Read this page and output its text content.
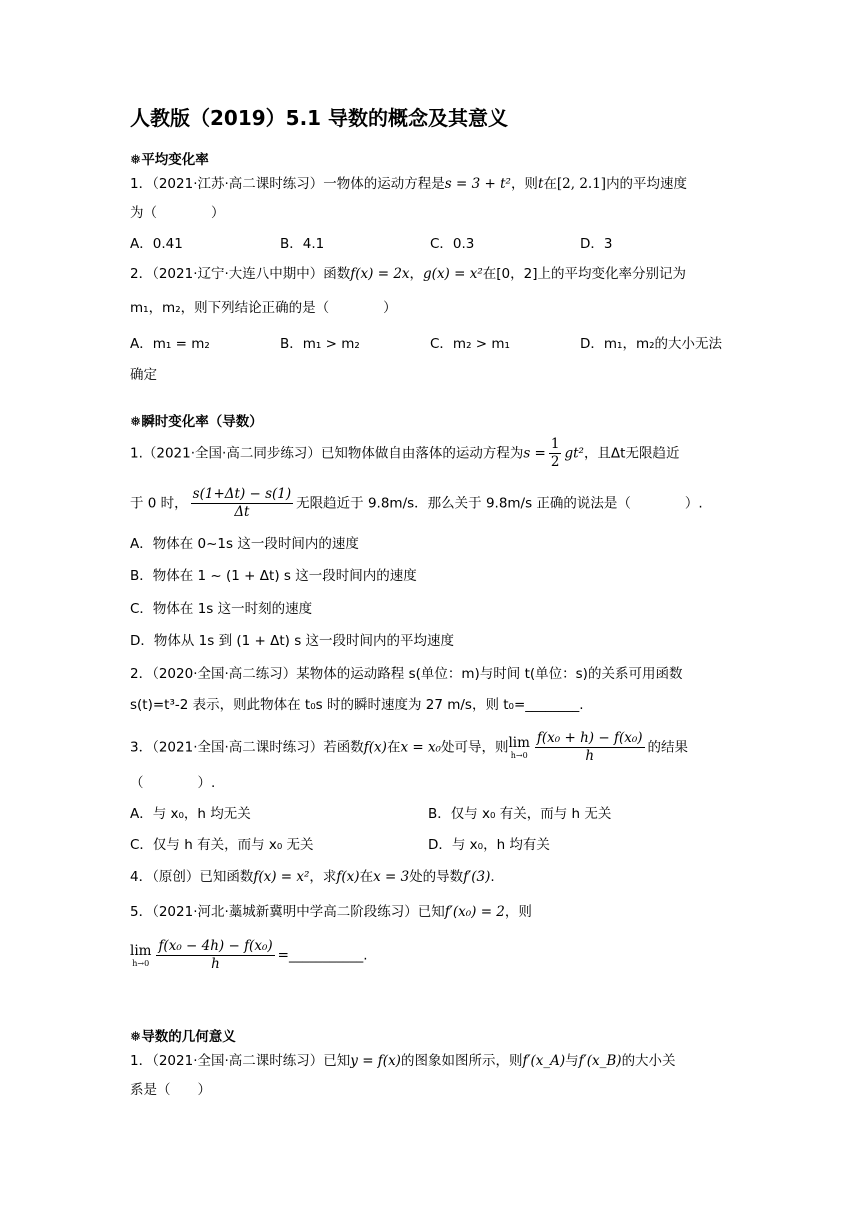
人教版（2019）5.1 导数的概念及其意义
❅平均变化率
1．（2021·江苏·高二课时练习）一物体的运动方程是s = 3 + t²，则t在[2, 2.1]内的平均速度
为（　　　　）
A．0.41	B．4.1	C．0.3	D．3
2．（2021·辽宁·大连八中期中）函数f(x) = 2x，g(x) = x²在[0，2]上的平均变化率分别记为
m₁，m₂，则下列结论正确的是（　　　　）
A．m₁ = m₂	B．m₁ > m₂	C．m₂ > m₁	D．m₁，m₂的大小无法
确定
❅瞬时变化率（导数）
1.（2021·全国·高二同步练习）已知物体做自由落体的运动方程为$s = \frac{1}{2} gt^2$，且Δt无限趋近
于 0 时， $\frac{s(1+\Delta t) - s(1)}{\Delta t}$ 无限趋近于 9.8m/s．那么关于 9.8m/s 正确的说法是（　　　　）.
A．物体在 0~1s 这一段时间内的速度
B．物体在 1 ~ (1 + Δt) s 这一段时间内的速度
C．物体在 1s 这一时刻的速度
D．物体从 1s 到 (1 + Δt) s 这一段时间内的平均速度
2．（2020·全国·高二练习）某物体的运动路程 s(单位：m)与时间 t(单位：s)的关系可用函数
s(t)=t³-2 表示，则此物体在 t₀s 时的瞬时速度为 27 m/s，则 t₀=________.
3．（2021·全国·高二课时练习）若函数f(x)在x = x₀处可导，则lim
$h\to 0 \frac{\text{f(x₀ + h) − f(x₀)}}{h}$ 的结果
（　　　　）.
A．与 x₀，h 均无关	B．仅与 x₀ 有关，而与 h 无关
C．仅与 h 有关，而与 x₀ 无关	D．与 x₀，h 均有关
4．（原创）已知函数f(x) = x²，求f(x)在x = 3处的导数f′(3).
5．（2021·河北·藁城新冀明中学高二阶段练习）已知f′(x₀) = 2，则
lim
$h\to 0 \frac{\text{f(x₀ − 4h) − f(x₀)}}{h}$ =___________.
❅导数的几何意义
1．（2021·全国·高二课时练习）已知y = f(x)的图象如图所示，则f′(x_A)与f′(x_B)的大小关
系是（　　）
